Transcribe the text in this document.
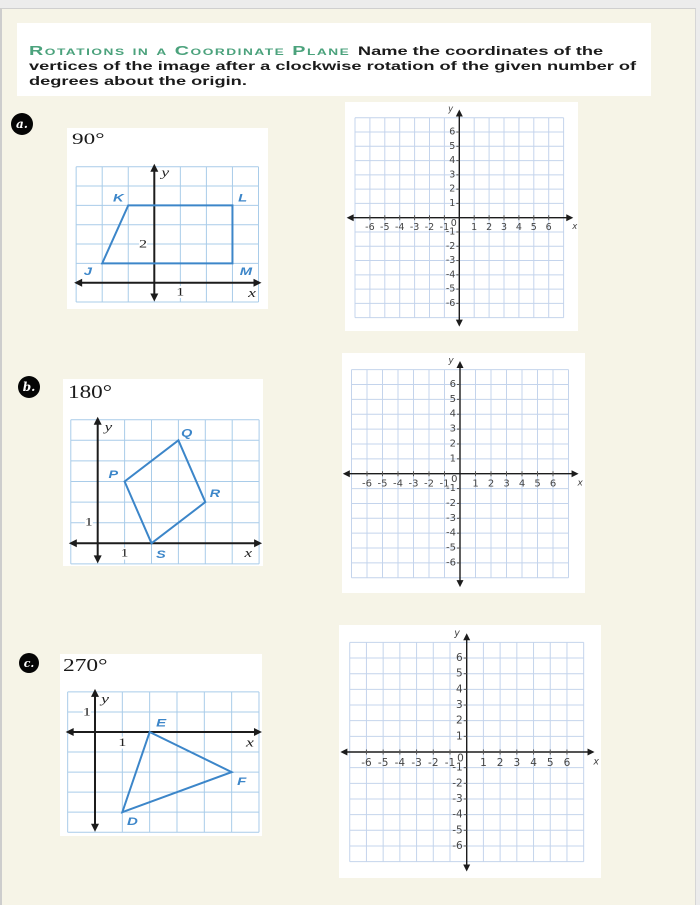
Rotations in a Coordinate Plane Name the coordinates of the
vertices of the image after a clockwise rotation of the given number of
degrees about the origin.
a.
2
1
y
x
J
K	L
M
90°
-6 -5 -4 -3 -2 -1 1 2 3 4 5 6
6
5
4
3
2
1
-1
-2
-3
-4
-5
-6
0
y
x
b.
1
1
y
x
P
Q
R
S
180°
-6 -5 -4 -3 -2 -1 1 2 3 4 5 6
6
5
4
3
2
1
-1
-2
-3
-4
-5
-6
0
y
x
c.
1
1
y
x
D
E
F
270°
-6 -5 -4 -3 -2 -1 1 2 3 4 5 6
6
5
4
3
2
1
-1
-2
-3
-4
-5
-6
0
y
x
